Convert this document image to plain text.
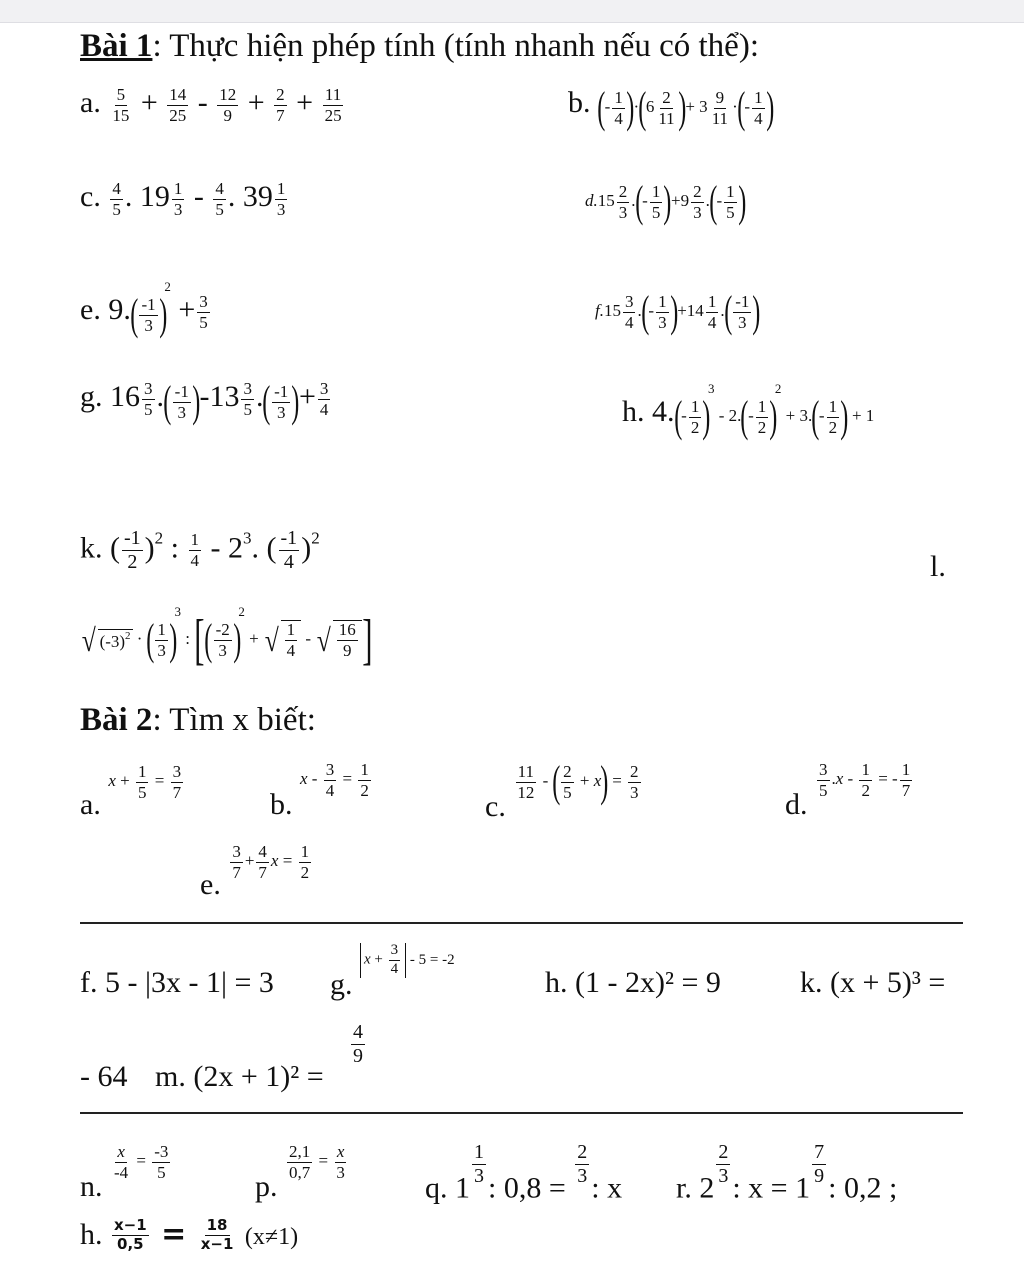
Bài 1: Thực hiện phép tính (tính nhanh nếu có thể):
a. $\frac{5}{15} + \frac{14}{25} - \frac{12}{9} + \frac{2}{7} + \frac{11}{25}$	b. (- $\frac{1}{4} )\cdot(6 \frac{2}{11}$ )+ $3 \frac{9}{11}$ ·(- $\frac{1}{4}$ )
c. $\frac{4}{5}$ . $19 \frac{1}{3} - \frac{4}{5}$ . $39 \frac{1}{3}$	$d.15 \frac{2}{3}$ .(- $\frac{1}{5} )+9 \frac{2}{3}$ .(- $\frac{1}{5}$ )
e. $9.( \frac{-1}{3} )^2 + \frac{3}{5}$	$f.15 \frac{3}{4}$ .(- $\frac{1}{3} )+14 \frac{1}{4}$ .( $\frac{-1}{3}$ )
g. $16 \frac{3}{5}$ .( $\frac{-1}{3} )-13 \frac{3}{5}$ .( $\frac{-1}{3}$ )+ $\frac{3}{4}$	h. $4.(- \frac{1}{2} )^3 - 2.(- \frac{1}{2} )^2 + 3.(- \frac{1}{2}$ ) + 1
k. ( $\frac{-1}{2} )^2$ : $\frac{1}{4} - 2^3$. ( $\frac{-1}{4} )^2$
l.
√ $(-3)^2$ · ( $\frac{1}{3} )^3$ : [( $\frac{-2}{3} )^2$ + √ $\frac{1}{4}$ - √ $\frac{16}{9}$ ]
Bài 2: Tìm x biết:
a. $x + \frac{1}{5} = \frac{3}{7}$
b. $x - \frac{3}{4} = \frac{1}{2}$
c.
$\frac{11}{12}$ - ( $\frac{2}{5} + x) = \frac{2}{3}$
d.
$\frac{3}{5} .x - \frac{1}{2}$ = - $\frac{1}{7}$
e.
$\frac{3}{7} + \frac{4}{7}$ $x = \frac{1}{2}$
f. 5 - |3x - 1| = 3 g. $x + \frac{3}{4} - 5 = -2$
h. (1 - 2x)² = 9	k. (x + 5)³ =
- 64 m. (2x + 1)² =
$\frac{4}{9}$
n.
$\frac{x}{-4} = \frac{-3}{5}$
p.
$\frac{2,1}{0,7} = \frac{x}{3}$
q. 1
$\frac{1}{3}$
: 0,8 =
$\frac{2}{3}$
: x r. 2
$\frac{2}{3}$
: x = 1
$\frac{7}{9}$
: 0,2 ;
h. $\frac{x-1}{0,5} = \frac{18}{x-1} (x\ne 1)$
